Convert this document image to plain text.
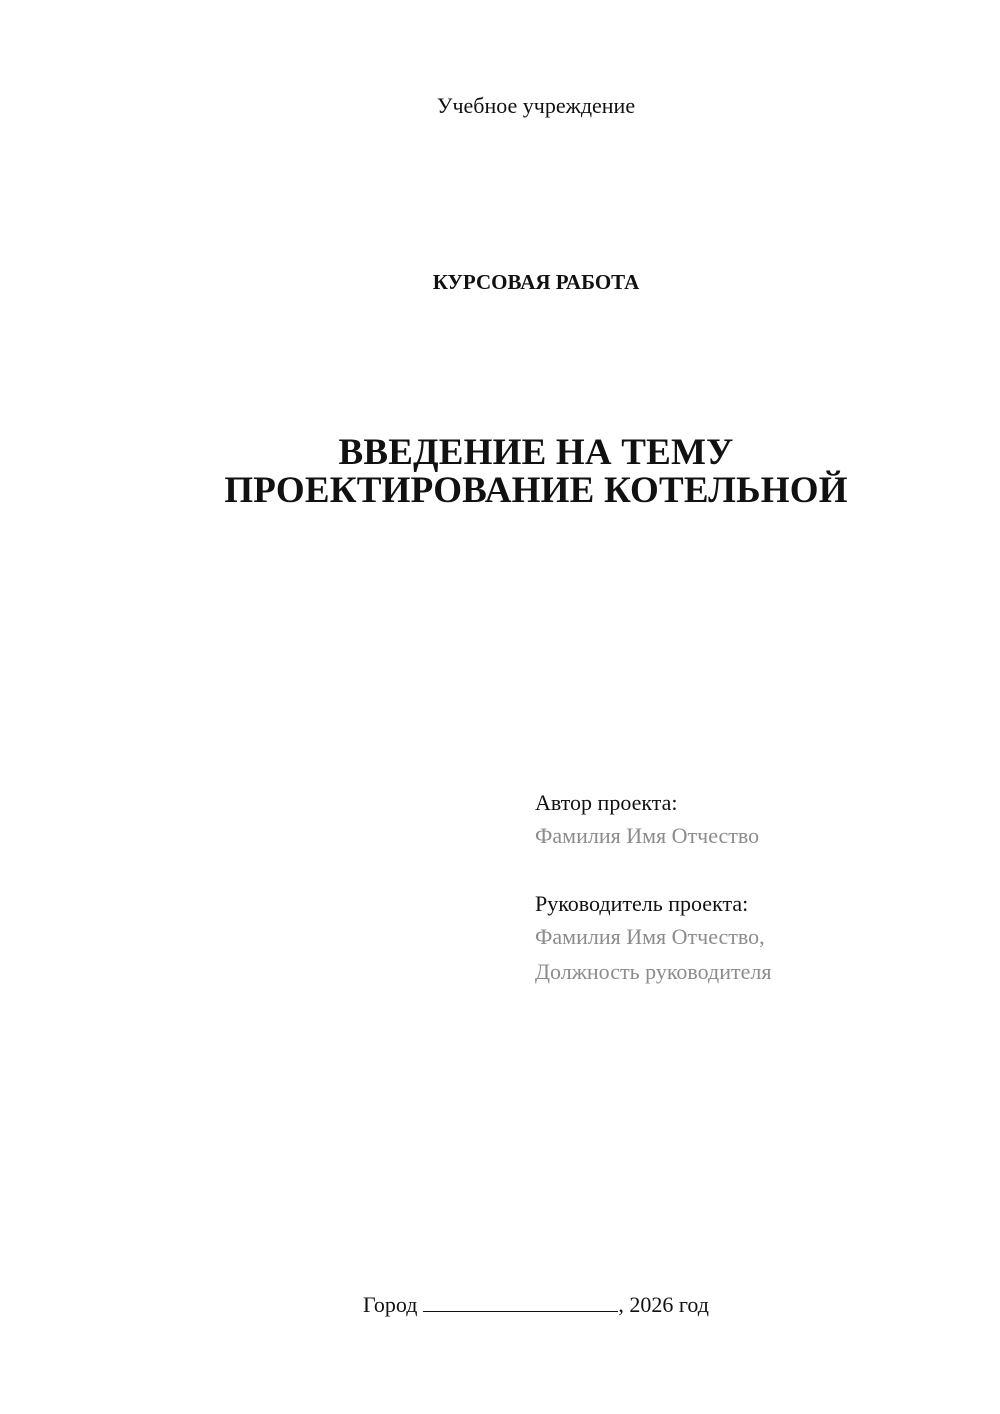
Учебное учреждение
КУРСОВАЯ РАБОТА
ВВЕДЕНИЕ НА ТЕМУ
ПРОЕКТИРОВАНИЕ КОТЕЛЬНОЙ
Автор проекта:
Фамилия Имя Отчество
Руководитель проекта:
Фамилия Имя Отчество,
Должность руководителя
Город	, 2026 год
